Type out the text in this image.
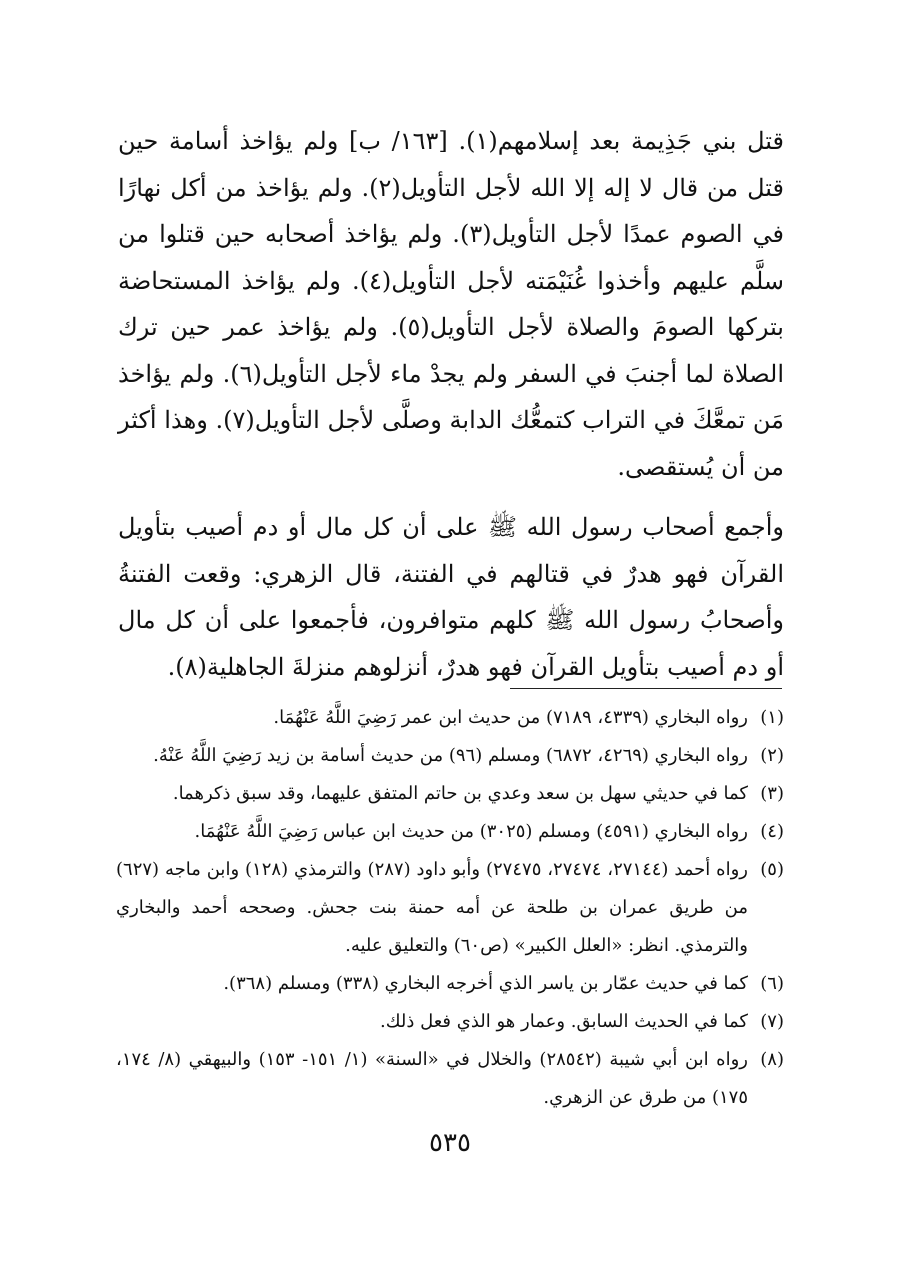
قتل بني جَذِيمة بعد إسلامهم(١). [١٦٣/ ب] ولم يؤاخذ أسامة حين قتل من قال لا إله إلا الله لأجل التأويل(٢). ولم يؤاخذ من أكل نهارًا في الصوم عمدًا لأجل التأويل(٣). ولم يؤاخذ أصحابه حين قتلوا من سلَّم عليهم وأخذوا غُنَيْمَته لأجل التأويل(٤). ولم يؤاخذ المستحاضة بتركها الصومَ والصلاة لأجل التأويل(٥). ولم يؤاخذ عمر حين ترك الصلاة لما أجنبَ في السفر ولم يجدْ ماء لأجل التأويل(٦). ولم يؤاخذ مَن تمعَّكَ في التراب كتمعُّك الدابة وصلَّى لأجل التأويل(٧). وهذا أكثر من أن يُستقصى.

وأجمع أصحاب رسول الله ﷺ على أن كل مال أو دم أصيب بتأويل القرآن فهو هدرٌ في قتالهم في الفتنة، قال الزهري: وقعت الفتنةُ وأصحابُ رسول الله ﷺ كلهم متوافرون، فأجمعوا على أن كل مال أو دم أصيب بتأويل القرآن فهو هدرٌ، أنزلوهم منزلةَ الجاهلية(٨).

(١)
رواه البخاري (٤٣٣٩، ٧١٨٩) من حديث ابن عمر رَضِيَ اللَّهُ عَنْهُمَا.
(٢)
رواه البخاري (٤٢٦٩، ٦٨٧٢) ومسلم (٩٦) من حديث أسامة بن زيد رَضِيَ اللَّهُ عَنْهُ.
(٣)
كما في حديثي سهل بن سعد وعدي بن حاتم المتفق عليهما، وقد سبق ذكرهما.
(٤)
رواه البخاري (٤٥٩١) ومسلم (٣٠٢٥) من حديث ابن عباس رَضِيَ اللَّهُ عَنْهُمَا.
(٥)
رواه أحمد (٢٧١٤٤، ٢٧٤٧٤، ٢٧٤٧٥) وأبو داود (٢٨٧) والترمذي (١٢٨) وابن ماجه (٦٢٧) من طريق عمران بن طلحة عن أمه حمنة بنت جحش. وصححه أحمد والبخاري والترمذي. انظر: «العلل الكبير» (ص٦٠) والتعليق عليه.
(٦)
كما في حديث عمّار بن ياسر الذي أخرجه البخاري (٣٣٨) ومسلم (٣٦٨).
(٧)
كما في الحديث السابق. وعمار هو الذي فعل ذلك.
(٨)
رواه ابن أبي شيبة (٢٨٥٤٢) والخلال في «السنة» (١/ ١٥١- ١٥٣) والبيهقي (٨/ ١٧٤، ١٧٥) من طرق عن الزهري.
٥٣٥
